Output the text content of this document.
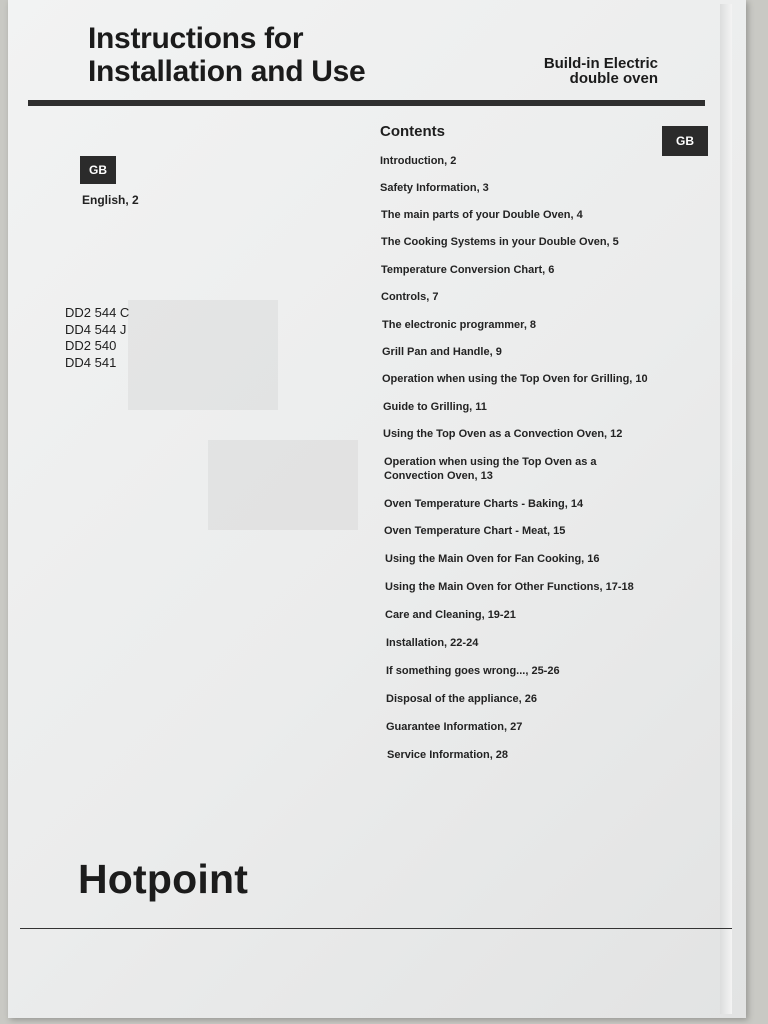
Instructions for
Installation and Use	Build-in Electric
double oven
GB
English, 2
DD2 544 C
DD4 544 J
DD2 540
DD4 541
Contents
GB
Introduction, 2
Safety Information, 3
The main parts of your Double Oven, 4
The Cooking Systems in your Double Oven, 5
Temperature Conversion Chart, 6
Controls, 7
The electronic programmer, 8
Grill Pan and Handle, 9
Operation when using the Top Oven for Grilling, 10
Guide to Grilling, 11
Using the Top Oven as a Convection Oven, 12
Operation when using the Top Oven as a
Convection Oven, 13
Oven Temperature Charts - Baking, 14
Oven Temperature Chart - Meat, 15
Using the Main Oven for Fan Cooking, 16
Using the Main Oven for Other Functions, 17-18
Care and Cleaning, 19-21
Installation, 22-24
If something goes wrong..., 25-26
Disposal of the appliance, 26
Guarantee Information, 27
Service Information, 28
Hotpoint
